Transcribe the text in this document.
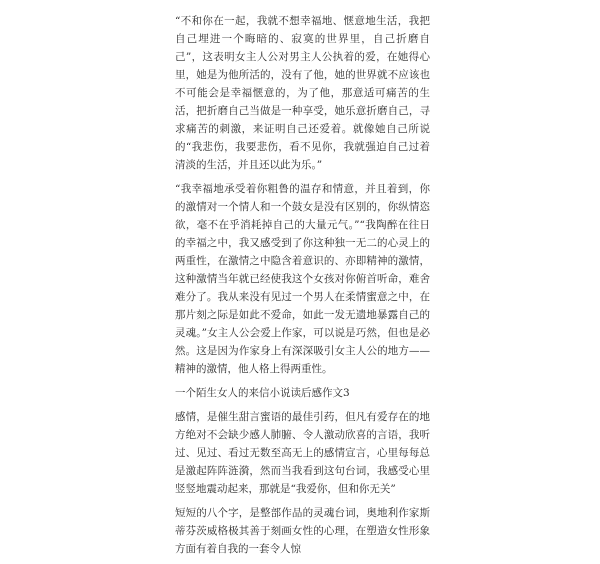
“不和你在一起，我就不想幸福地、惬意地生活，我把自己埋进一个晦暗的、寂寞的世界里，自己折磨自己”，这表明女主人公对男主人公执着的爱，在她得心里，她是为他所活的，没有了他，她的世界就不应该也不可能会是幸福惬意的，为了他，那意适可痛苦的生活，把折磨自己当做是一种享受，她乐意折磨自己，寻求痛苦的刺激，来证明自己还爱着。就像她自己所说的“我悲伤，我要悲伤，看不见你，我就强迫自己过着清淡的生活，并且还以此为乐。”

“我幸福地承受着你粗鲁的温存和情意，并且着到，你的激情对一个情人和一个鼓女是没有区别的，你纵情恣欲，毫不在乎消耗掉自己的大量元气。”“我陶醉在往日的幸福之中，我又感受到了你这种独一无二的心灵上的两重性，在激情之中隐含着意识的、亦即精神的激情，这种激情当年就已经使我这个女孩对你俯首听命，难舍难分了。我从来没有见过一个男人在柔情蜜意之中，在那片刻之际是如此不爱命，如此一发无遗地暴露自己的灵魂。”女主人公会爱上作家，可以说是巧然，但也是必然。这是因为作家身上有深深吸引女主人公的地方——精神的激情，他人格上得两重性。

一个陌生女人的来信小说读后感作文3

感情，是催生甜言蜜语的最佳引药，但凡有爱存在的地方绝对不会缺少感人肺腑、令人激动欣喜的言语，我听过、见过、看过无数至高无上的感情宣言，心里每每总是激起阵阵涟漪，然而当我看到这句台词，我感受心里竖竖地震动起来，那就是“我爱你，但和你无关”

短短的八个字，是整部作品的灵魂台词，奥地利作家斯蒂芬茨威格极其善于刻画女性的心理，在塑造女性形象方面有着自我的一套令人惊
